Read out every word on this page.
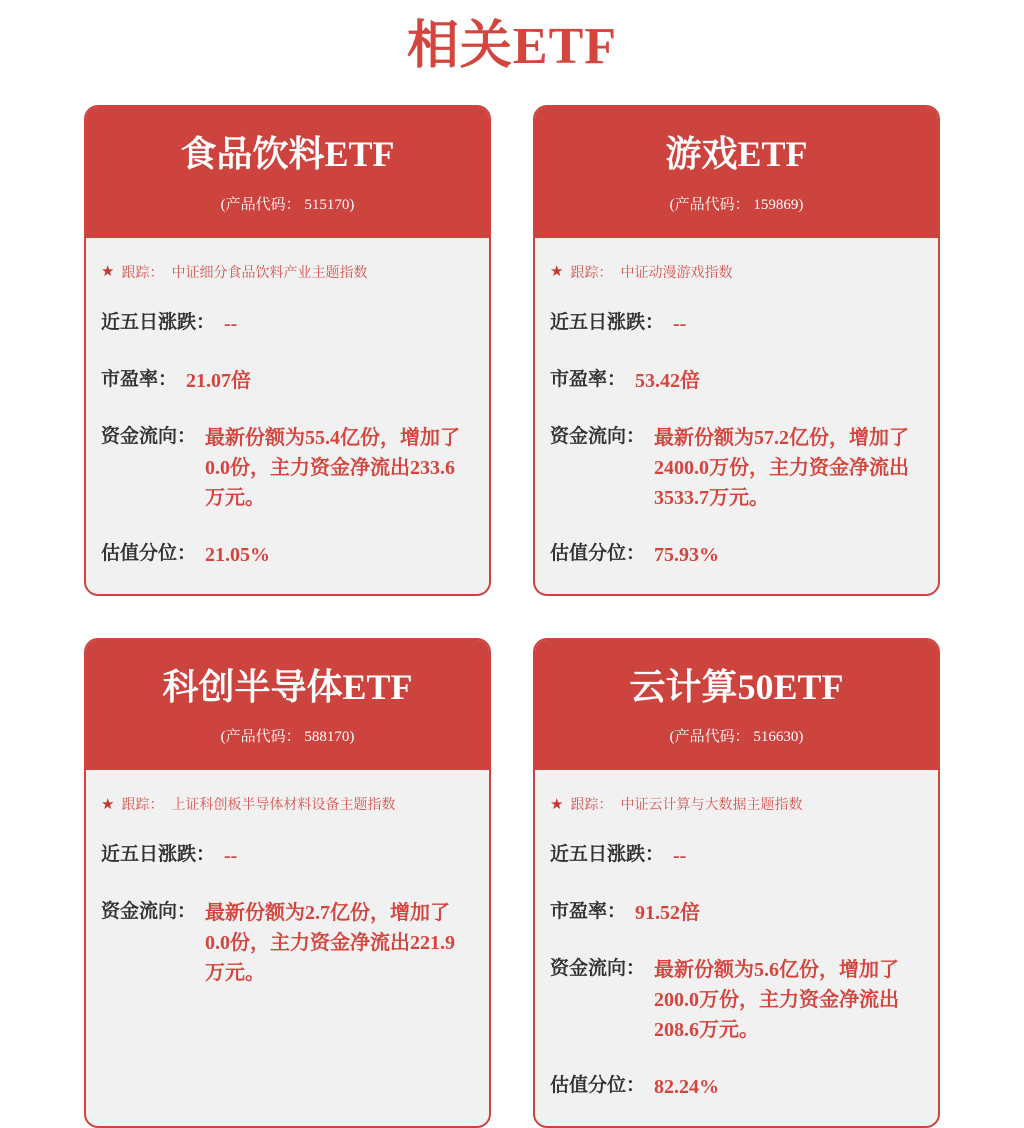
相关ETF
食品饮料ETF
(产品代码： 515170)
★ 跟踪： 中证细分食品饮料产业主题指数
近五日涨跌： --
市盈率： 21.07倍
资金流向： 最新份额为55.4亿份，增加了0.0份，主力资金净流出233.6万元。
估值分位： 21.05%
游戏ETF
(产品代码： 159869)
★ 跟踪： 中证动漫游戏指数
近五日涨跌： --
市盈率： 53.42倍
资金流向： 最新份额为57.2亿份，增加了2400.0万份，主力资金净流出3533.7万元。
估值分位： 75.93%
科创半导体ETF
(产品代码： 588170)
★ 跟踪： 上证科创板半导体材料设备主题指数
近五日涨跌： --
资金流向： 最新份额为2.7亿份，增加了0.0份，主力资金净流出221.9万元。
云计算50ETF
(产品代码： 516630)
★ 跟踪： 中证云计算与大数据主题指数
近五日涨跌： --
市盈率： 91.52倍
资金流向： 最新份额为5.6亿份，增加了200.0万份，主力资金净流出208.6万元。
估值分位： 82.24%
